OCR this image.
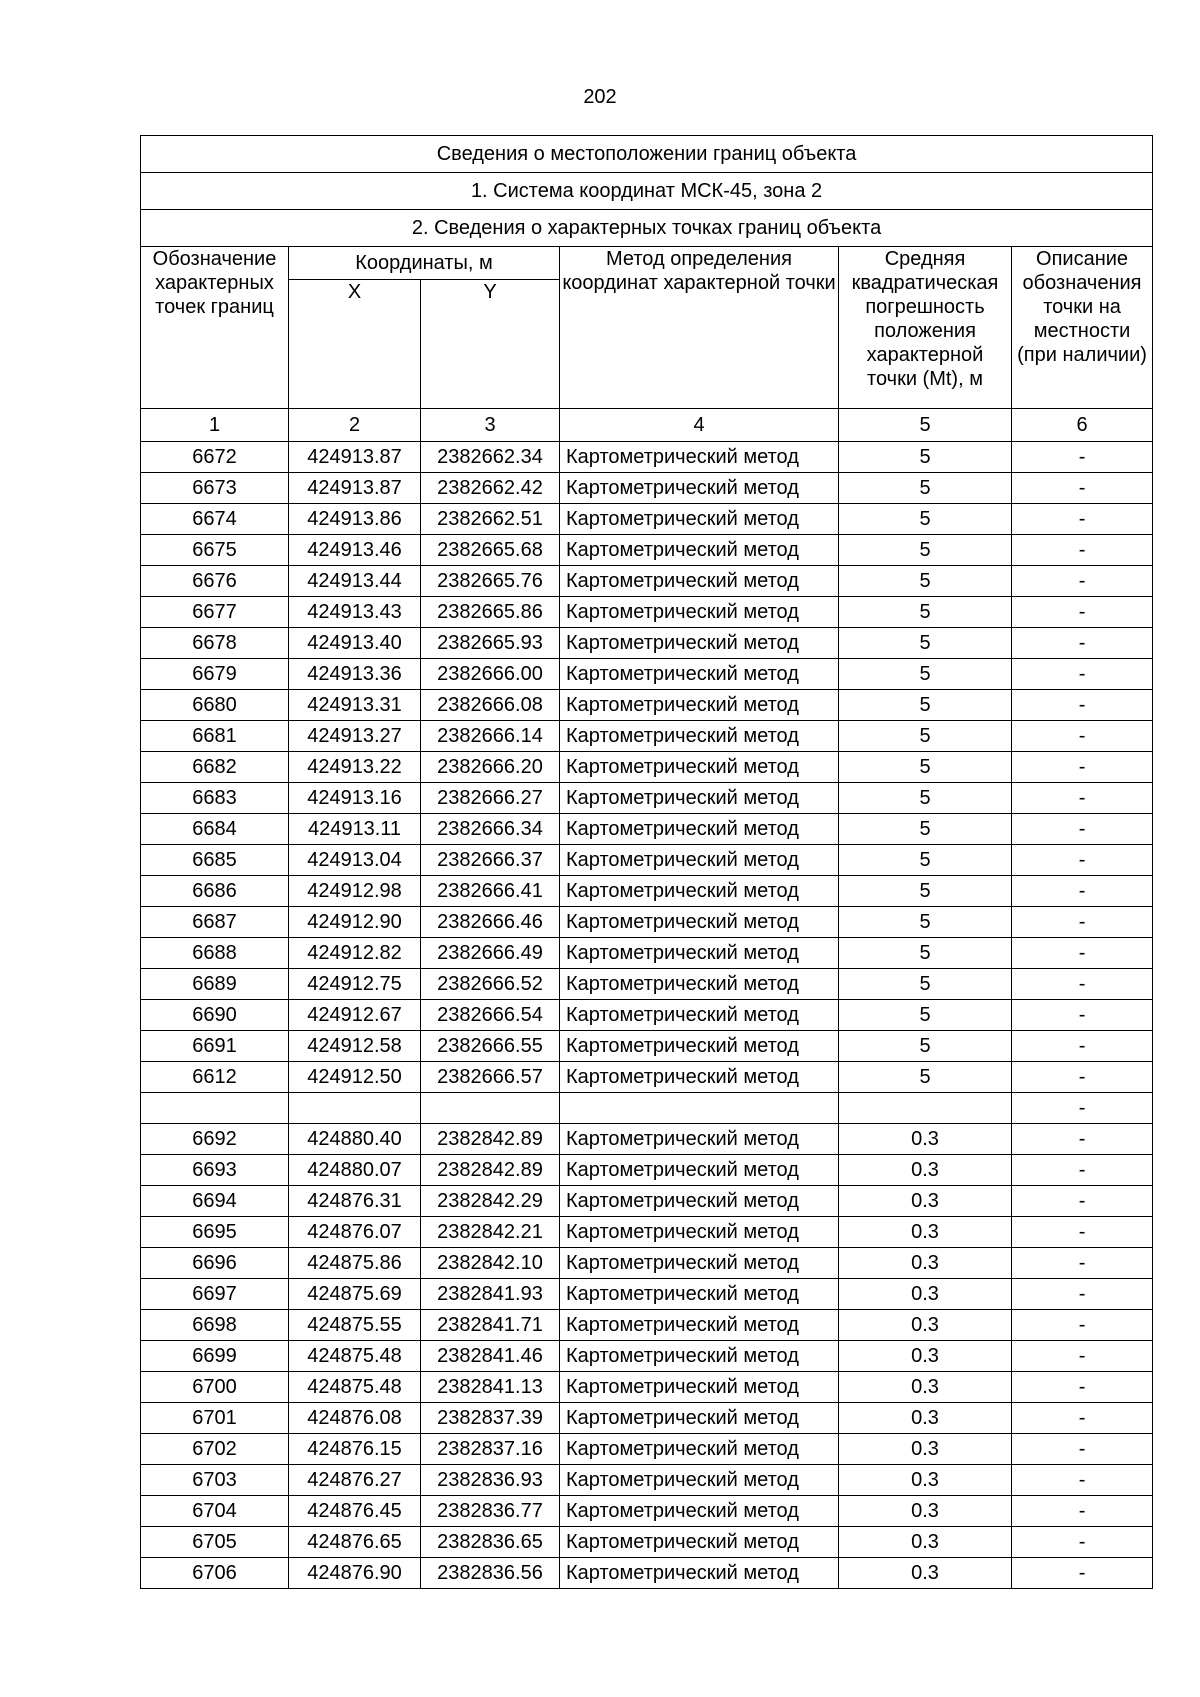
202
Сведения о местоположении границ объекта					
1. Система координат МСК-45, зона 2					
2. Сведения о характерных точках границ объекта					
Обозначение характерных точек границ	Координаты, м		Метод определения координат характерной точки	Средняя квадратическая погрешность положения характерной точки (Mt), м	Описание обозначения точки на местности (при наличии)
	X	Y			
1	2	3	4	5	6
6672	424913.87	2382662.34	Картометрический метод	5	-
6673	424913.87	2382662.42	Картометрический метод	5	-
6674	424913.86	2382662.51	Картометрический метод	5	-
6675	424913.46	2382665.68	Картометрический метод	5	-
6676	424913.44	2382665.76	Картометрический метод	5	-
6677	424913.43	2382665.86	Картометрический метод	5	-
6678	424913.40	2382665.93	Картометрический метод	5	-
6679	424913.36	2382666.00	Картометрический метод	5	-
6680	424913.31	2382666.08	Картометрический метод	5	-
6681	424913.27	2382666.14	Картометрический метод	5	-
6682	424913.22	2382666.20	Картометрический метод	5	-
6683	424913.16	2382666.27	Картометрический метод	5	-
6684	424913.11	2382666.34	Картометрический метод	5	-
6685	424913.04	2382666.37	Картометрический метод	5	-
6686	424912.98	2382666.41	Картометрический метод	5	-
6687	424912.90	2382666.46	Картометрический метод	5	-
6688	424912.82	2382666.49	Картометрический метод	5	-
6689	424912.75	2382666.52	Картометрический метод	5	-
6690	424912.67	2382666.54	Картометрический метод	5	-
6691	424912.58	2382666.55	Картометрический метод	5	-
6612	424912.50	2382666.57	Картометрический метод	5	-
					-
6692	424880.40	2382842.89	Картометрический метод	0.3	-
6693	424880.07	2382842.89	Картометрический метод	0.3	-
6694	424876.31	2382842.29	Картометрический метод	0.3	-
6695	424876.07	2382842.21	Картометрический метод	0.3	-
6696	424875.86	2382842.10	Картометрический метод	0.3	-
6697	424875.69	2382841.93	Картометрический метод	0.3	-
6698	424875.55	2382841.71	Картометрический метод	0.3	-
6699	424875.48	2382841.46	Картометрический метод	0.3	-
6700	424875.48	2382841.13	Картометрический метод	0.3	-
6701	424876.08	2382837.39	Картометрический метод	0.3	-
6702	424876.15	2382837.16	Картометрический метод	0.3	-
6703	424876.27	2382836.93	Картометрический метод	0.3	-
6704	424876.45	2382836.77	Картометрический метод	0.3	-
6705	424876.65	2382836.65	Картометрический метод	0.3	-
6706	424876.90	2382836.56	Картометрический метод	0.3	-
